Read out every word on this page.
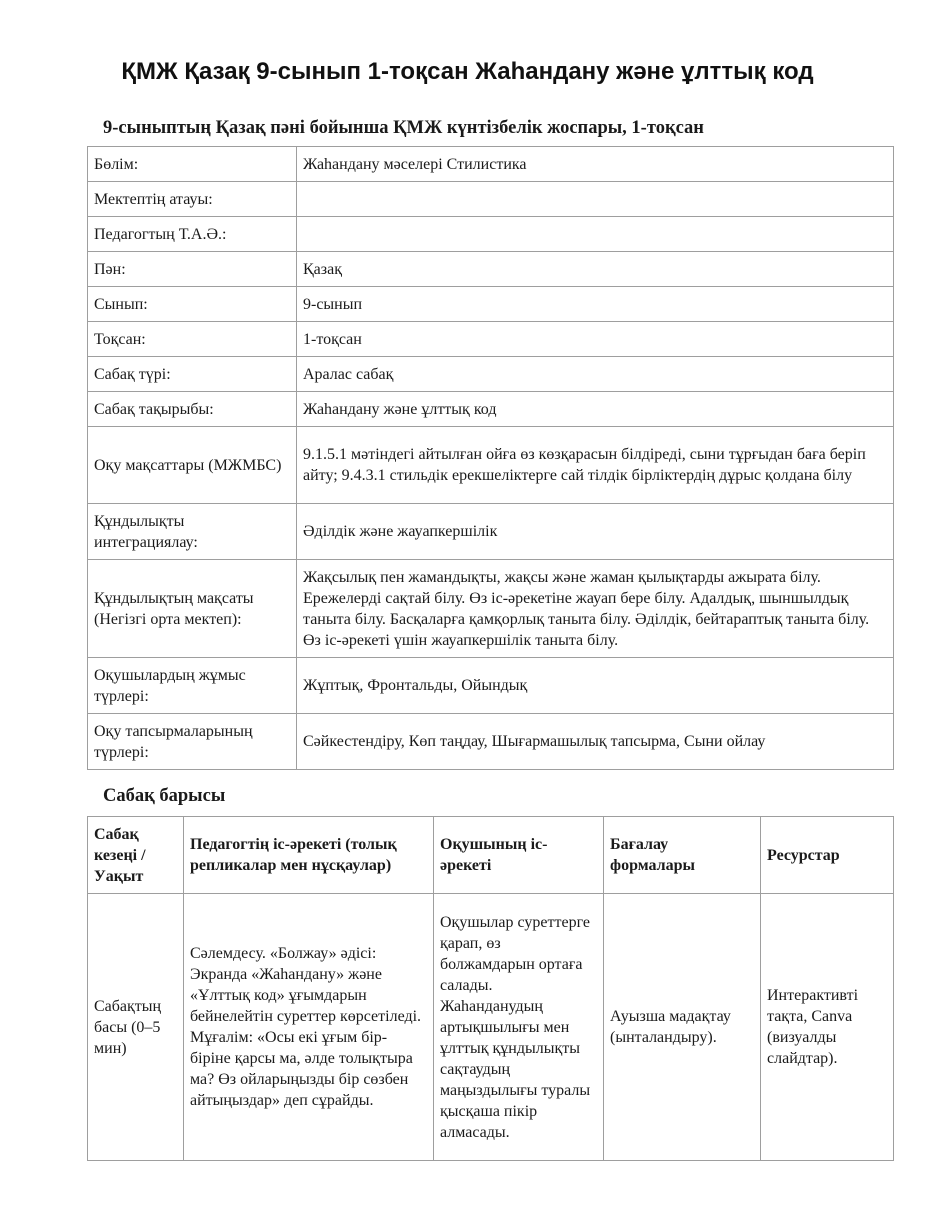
ҚМЖ Қазақ 9-сынып 1-тоқсан Жаһандану және ұлттық код
9-сыныптың Қазақ пәні бойынша ҚМЖ күнтізбелік жоспары, 1-тоқсан
Бөлім:	Жаһандану мәселері Стилистика
Мектептің атауы:	
Педагогтың Т.А.Ә.:	
Пән:	Қазақ
Сынып:	9-сынып
Тоқсан:	1-тоқсан
Сабақ түрі:	Аралас сабақ
Сабақ тақырыбы:	Жаһандану және ұлттық код
Оқу мақсаттары (МЖМБС)	9.1.5.1 мәтіндегі айтылған ойға өз көзқарасын білдіреді, сыни тұрғыдан баға беріп айту; 9.4.3.1 стильдік ерекшеліктерге сай тілдік бірліктердің дұрыс қолдана білу
Құндылықты интеграциялау:	Әділдік және жауапкершілік
Құндылықтың мақсаты (Негізгі орта мектеп):	Жақсылық пен жамандықты, жақсы және жаман қылықтарды ажырата білу. Ережелерді сақтай білу. Өз іс-әрекетіне жауап бере білу. Адалдық, шыншылдық таныта білу. Басқаларға қамқорлық таныта білу. Әділдік, бейтараптық таныта білу. Өз іс-әрекеті үшін жауапкершілік таныта білу.
Оқушылардың жұмыс түрлері:	Жұптық, Фронтальды, Ойындық
Оқу тапсырмаларының түрлері:	Сәйкестендіру, Көп таңдау, Шығармашылық тапсырма, Сыни ойлау
Сабақ барысы
Сабақ кезеңі / Уақыт	Педагогтің іс-әрекеті (толық репликалар мен нұсқаулар)	Оқушының іс-әрекеті	Бағалау формалары	Ресурстар
Сабақтың басы (0–5 мин)	Сәлемдесу. «Болжау» әдісі: Экранда «Жаһандану» және «Ұлттық код» ұғымдарын бейнелейтін суреттер көрсетіледі. Мұғалім: «Осы екі ұғым бір-біріне қарсы ма, әлде толықтыра ма? Өз ойларыңызды бір сөзбен айтыңыздар» деп сұрайды.	Оқушылар суреттерге қарап, өз болжамдарын ортаға салады. Жаһанданудың артықшылығы мен ұлттық құндылықты сақтаудың маңыздылығы туралы қысқаша пікір алмасады.	Ауызша мадақтау (ынталандыру).	Интерактивті тақта, Canva (визуалды слайдтар).
